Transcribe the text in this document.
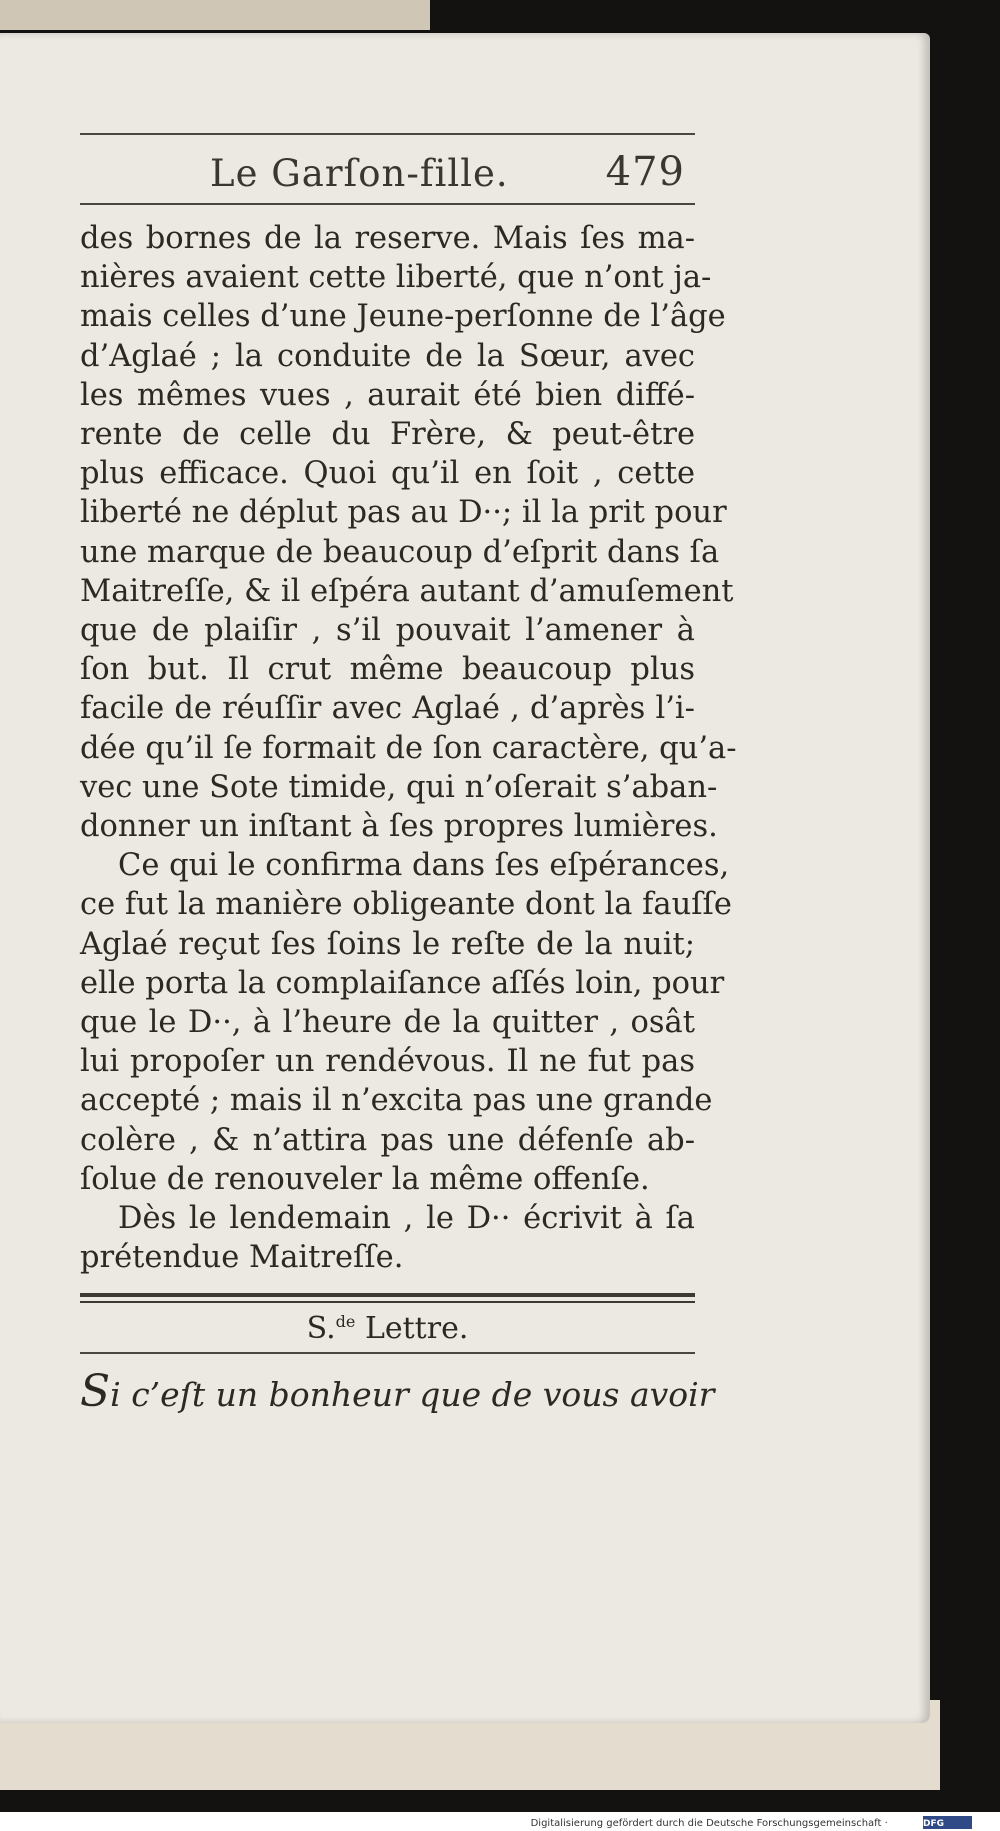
Le Garſon-fille. 479

des bornes de la reserve. Mais ſes ma-
nières avaient cette liberté, que n’ont ja-
mais celles d’une Jeune-perſonne de l’âge
d’Aglaé ; la conduite de la Sœur, avec
les mêmes vues , aurait été bien diffé-
rente de celle du Frère, & peut-être
plus efficace. Quoi qu’il en ſoit , cette
liberté ne déplut pas au D··; il la prit pour
une marque de beaucoup d’eſprit dans ſa
Maitreſſe, & il eſpéra autant d’amuſement
que de plaiſir , s’il pouvait l’amener à
ſon but. Il crut même beaucoup plus
facile de réuſſir avec Aglaé , d’après l’i-
dée qu’il ſe formait de ſon caractère, qu’a-
vec une Sote timide, qui n’oſerait s’aban-
donner un inſtant à ſes propres lumières.

Ce qui le confirma dans ſes eſpérances,
ce fut la manière obligeante dont la fauſſe
Aglaé reçut ſes ſoins le reſte de la nuit;
elle porta la complaiſance aſſés loin, pour
que le D··, à l’heure de la quitter , osât
lui propoſer un rendévous. Il ne fut pas
accepté ; mais il n’excita pas une grande
colère , & n’attira pas une défenſe ab-
ſolue de renouveler la même offenſe.

Dès le lendemain , le D·· écrivit à ſa
prétendue Maitreſſe.

S.$^{de}$ Lettre.
Si c’eſt un bonheur que de vous avoir
Digitalisierung gefördert durch die Deutsche Forschungsgemeinschaft ·	DFG
